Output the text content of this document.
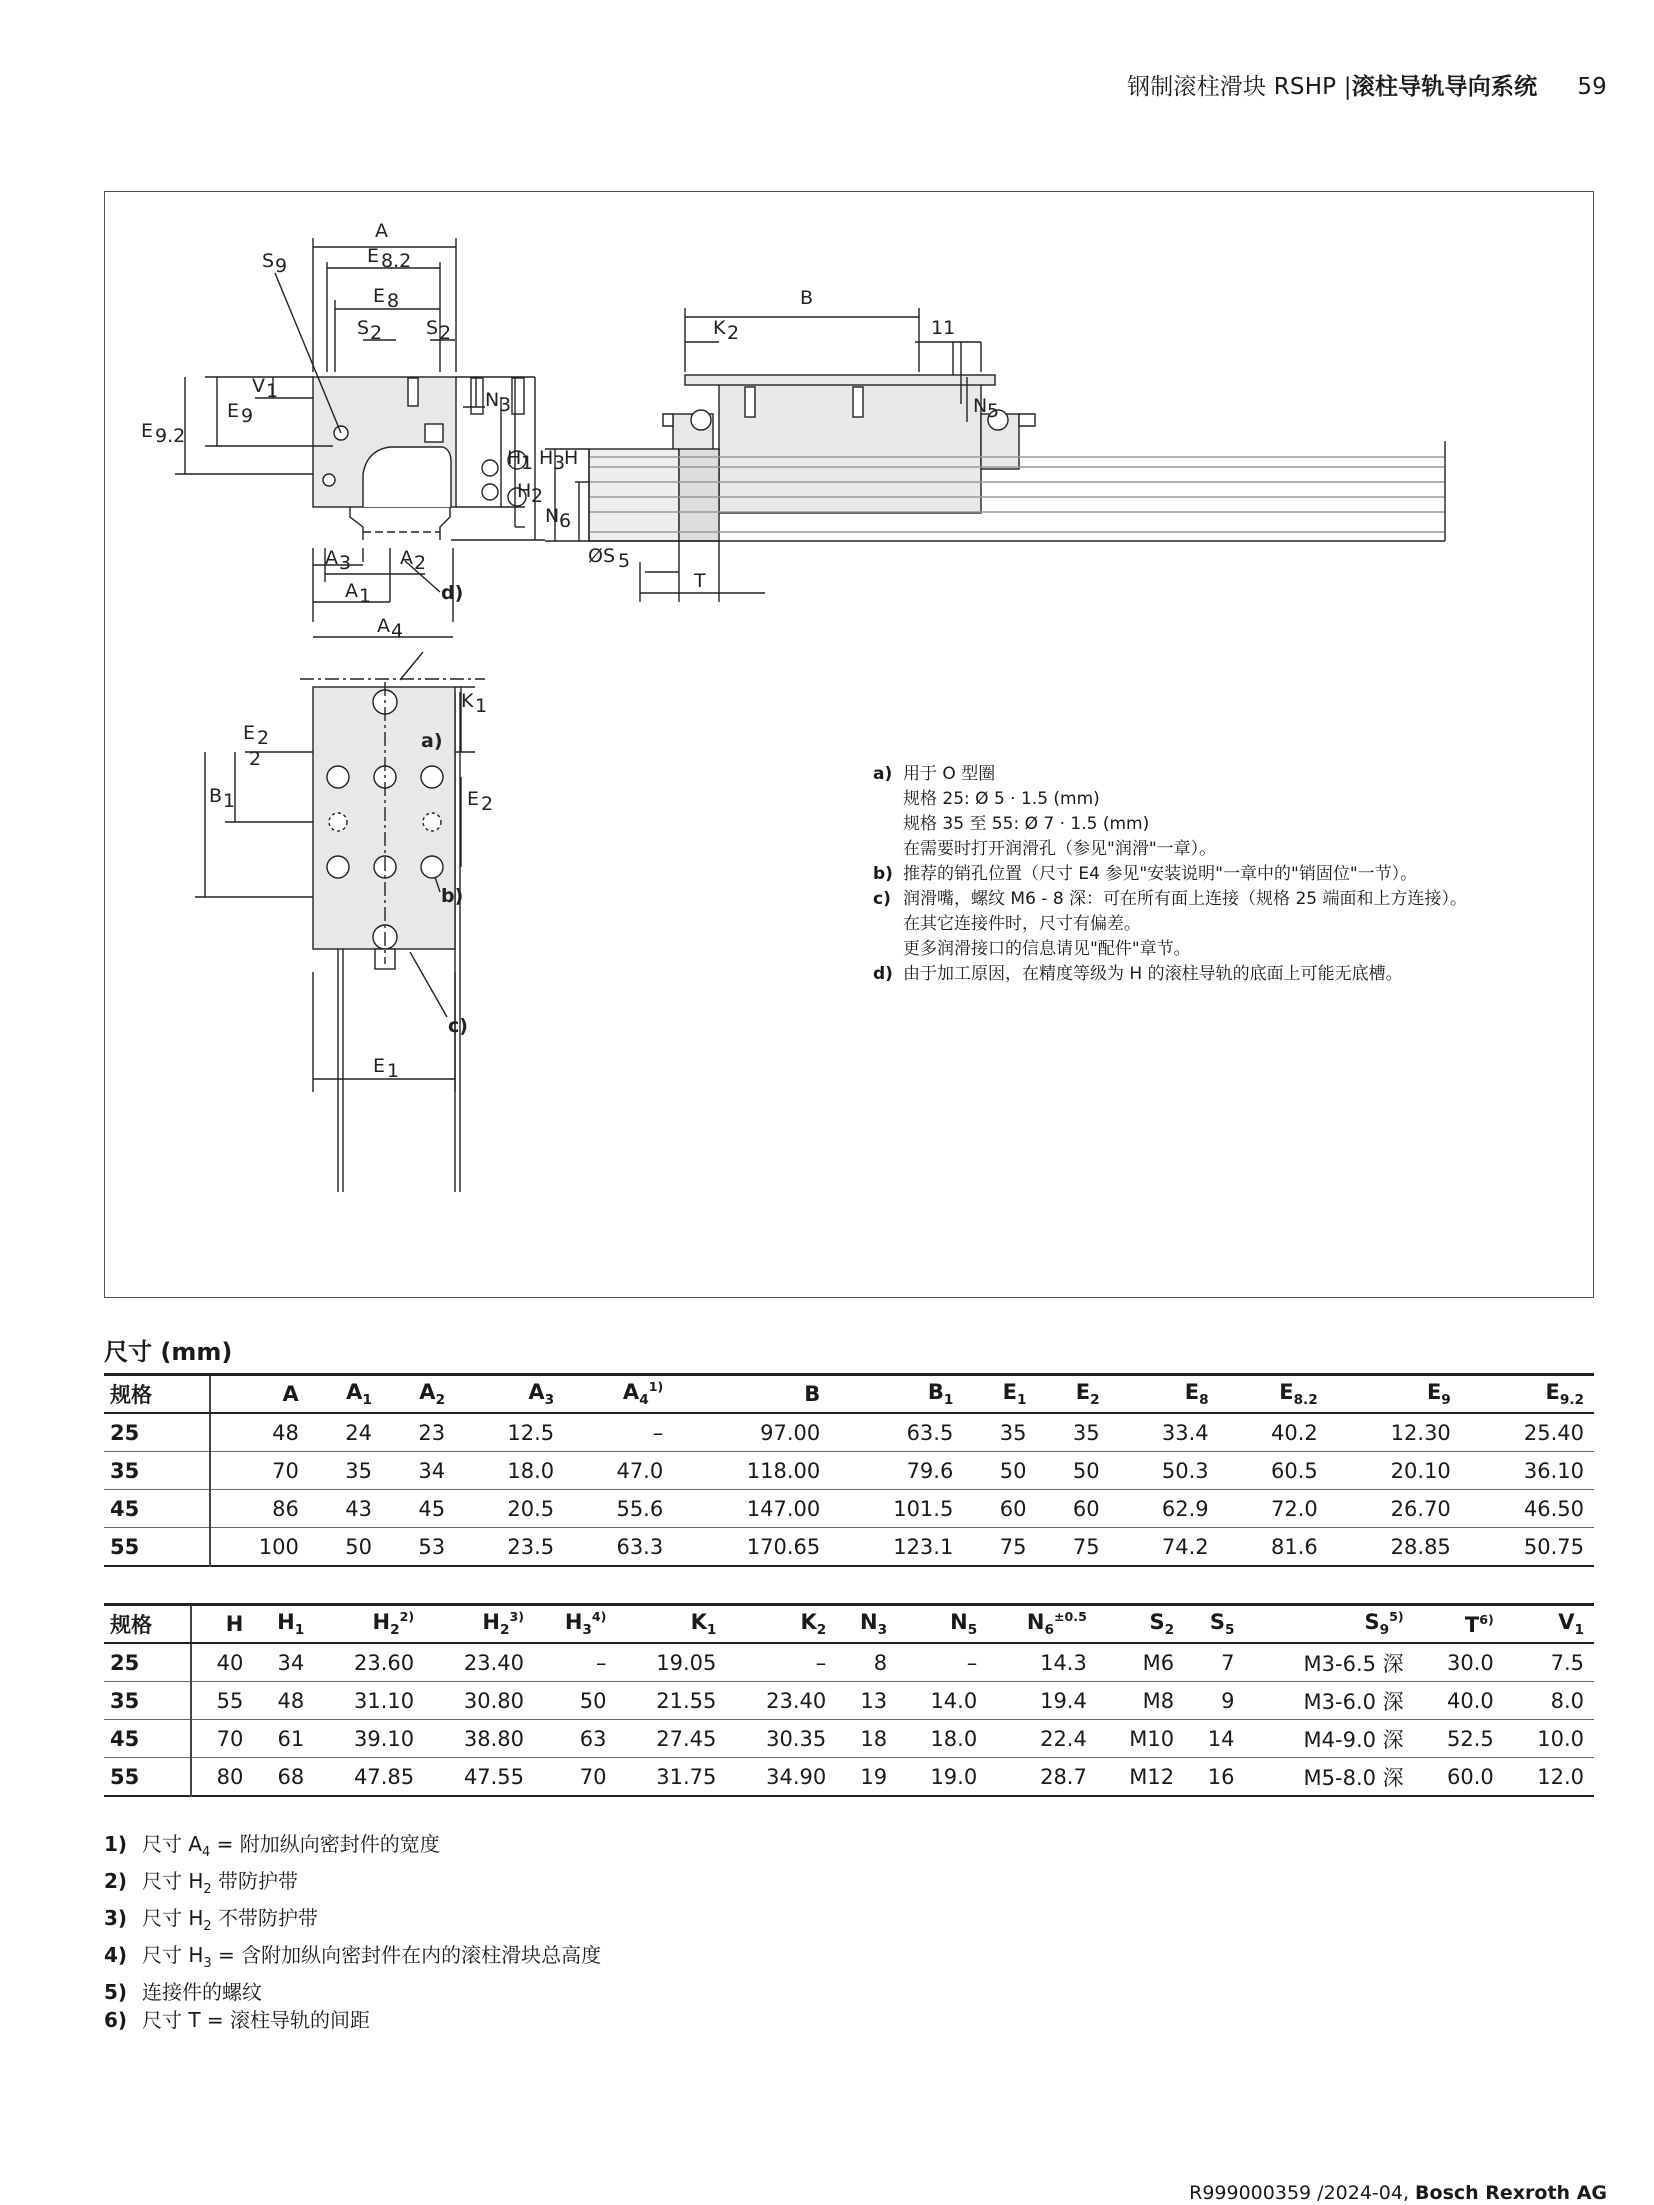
钢制滚柱滑块 RSHP |滚柱导轨导向系统 59
A
E 8.2
E 8
S 9
S 2 S 2
V 1
E 9
E 9.2
N 3
H 1 H 3
H
A 3	A 2
A 1
A 4
d)
B
K 2	11
N 5
H 2
N 6
ØS 5
T
a)
K 1
E 2
2
B 1	E 2
b)
c)
E 1
a) 用于 O 型圈
规格 25: Ø 5 · 1.5 (mm)
规格 35 至 55: Ø 7 · 1.5 (mm)
在需要时打开润滑孔（参见"润滑"一章）。
b) 推荐的销孔位置（尺寸 E4 参见"安装说明"一章中的"销固位"一节）。
c) 润滑嘴，螺纹 M6 - 8 深：可在所有面上连接（规格 25 端面和上方连接）。
在其它连接件时，尺寸有偏差。
更多润滑接口的信息请见"配件"章节。
d) 由于加工原因，在精度等级为 H 的滚柱导轨的底面上可能无底槽。
尺寸 (mm)
规格	A	$A_1$	$A_2$	$A_3$	$A_4^{1)}$	B	$B_1$	$E_1$	$E_2$	$E_8$	$E_{8.2}$	$E_9$	$E_{9.2}$
25	48	24	23	12.5	–	97.00	63.5	35	35	33.4	40.2	12.30	25.40
35	70	35	34	18.0	47.0	118.00	79.6	50	50	50.3	60.5	20.10	36.10
45	86	43	45	20.5	55.6	147.00	101.5	60	60	62.9	72.0	26.70	46.50
55	100	50	53	23.5	63.3	170.65	123.1	75	75	74.2	81.6	28.85	50.75
规格	H	$H_1$	$H_2^{2)}$	$H_2^{3)}$	$H_3^{4)}$	$K_1$	$K_2$	$N_3$	$N_5$	$N_6^{\pm 0.5}$	$S_2$	$S_5$	$S_9^{5)}$	$T^{6)}$	$V_1$
25	40	34	23.60	23.40	–	19.05	–	8	–	14.3	M6	7	M3-6.5 深	30.0	7.5
35	55	48	31.10	30.80	50	21.55	23.40	13	14.0	19.4	M8	9	M3-6.0 深	40.0	8.0
45	70	61	39.10	38.80	63	27.45	30.35	18	18.0	22.4	M10	14	M4-9.0 深	52.5	10.0
55	80	68	47.85	47.55	70	31.75	34.90	19	19.0	28.7	M12	16	M5-8.0 深	60.0	12.0
1) 尺寸 $A_4$ = 附加纵向密封件的宽度
2) 尺寸 $H_2$ 带防护带
3) 尺寸 $H_2$ 不带防护带
4) 尺寸 $H_3$ = 含附加纵向密封件在内的滚柱滑块总高度
5) 连接件的螺纹
6) 尺寸 T = 滚柱导轨的间距
R999000359 /2024-04, Bosch Rexroth AG
